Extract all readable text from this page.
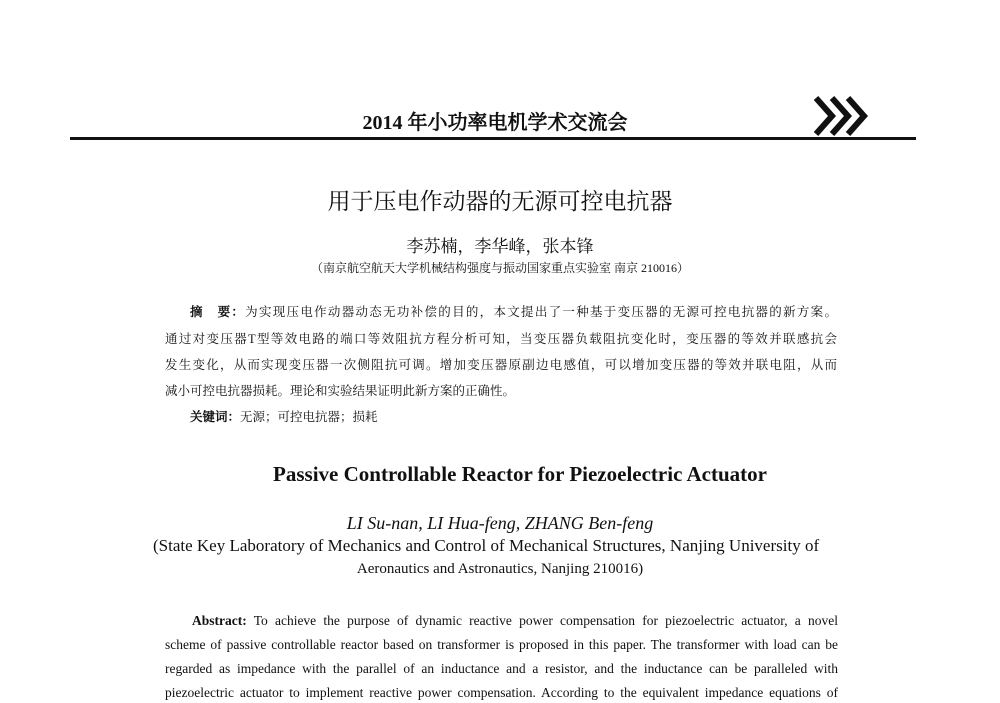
2014 年小功率电机学术交流会
用于压电作动器的无源可控电抗器
李苏楠，李华峰，张本锋
（南京航空航天大学机械结构强度与振动国家重点实验室 南京 210016）
摘　要：为实现压电作动器动态无功补偿的目的，本文提出了一种基于变压器的无源可控电抗器的新方案。
通过对变压器T型等效电路的端口等效阻抗方程分析可知，当变压器负载阻抗变化时，变压器的等效并联感抗会
发生变化，从而实现变压器一次侧阻抗可调。增加变压器原副边电感值，可以增加变压器的等效并联电阻，从而
减小可控电抗器损耗。理论和实验结果证明此新方案的正确性。
关键词：无源；可控电抗器；损耗
Passive Controllable Reactor for Piezoelectric Actuator
LI Su-nan, LI Hua-feng, ZHANG Ben-feng
(State Key Laboratory of Mechanics and Control of Mechanical Structures, Nanjing University of
Aeronautics and Astronautics, Nanjing 210016)
Abstract: To achieve the purpose of dynamic reactive power compensation for piezoelectric actuator, a novel
scheme of passive controllable reactor based on transformer is proposed in this paper. The transformer with load can be
regarded as impedance with the parallel of an inductance and a resistor, and the inductance can be paralleled with
piezoelectric actuator to implement reactive power compensation. According to the equivalent impedance equations of
